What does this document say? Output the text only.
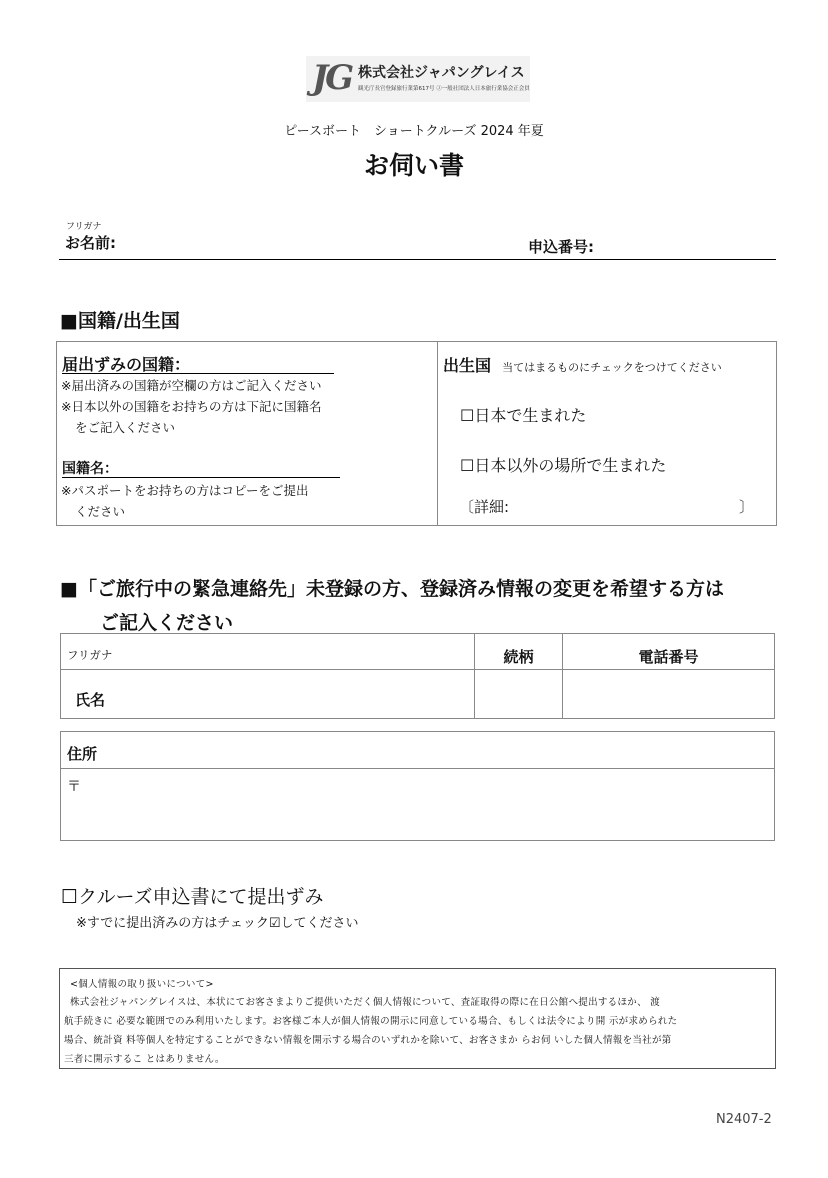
JG 株式会社ジャパングレイス
観光庁長官登録旅行業第617号 Ⓙ一般社団法人日本旅行業協会正会員
ピースボート　ショートクルーズ 2024 年夏
お伺い書
フリガナ
お名前:	申込番号:
■国籍/出生国
届出ずみの国籍：
※届出済みの国籍が空欄の方はご記入ください
※日本以外の国籍をお持ちの方は下記に国籍名
をご記入ください
国籍名：
※パスポートをお持ちの方はコピーをご提出
ください
出生国 当てはまるものにチェックをつけてください
☐日本で生まれた
☐日本以外の場所で生まれた
〔詳細:	〕
■「ご旅行中の緊急連絡先」未登録の方、登録済み情報の変更を希望する方は
ご記入ください
フリガナ	続柄	電話番号
氏名
住所
〒
☐クルーズ申込書にて提出ずみ
※すでに提出済みの方はチェック☑してください
<個人情報の取り扱いについて>
株式会社ジャパングレイスは、本状にてお客さまよりご提供いただく個人情報について、査証取得の際に在日公館へ提出するほか、 渡
航手続きに 必要な範囲でのみ利用いたします。お客様ご本人が個人情報の開示に同意している場合、もしくは法令により開 示が求められた
場合、統計資 料等個人を特定することができない情報を開示する場合のいずれかを除いて、お客さまか らお伺 いした個人情報を当社が第
三者に開示するこ とはありません。
N2407-2
